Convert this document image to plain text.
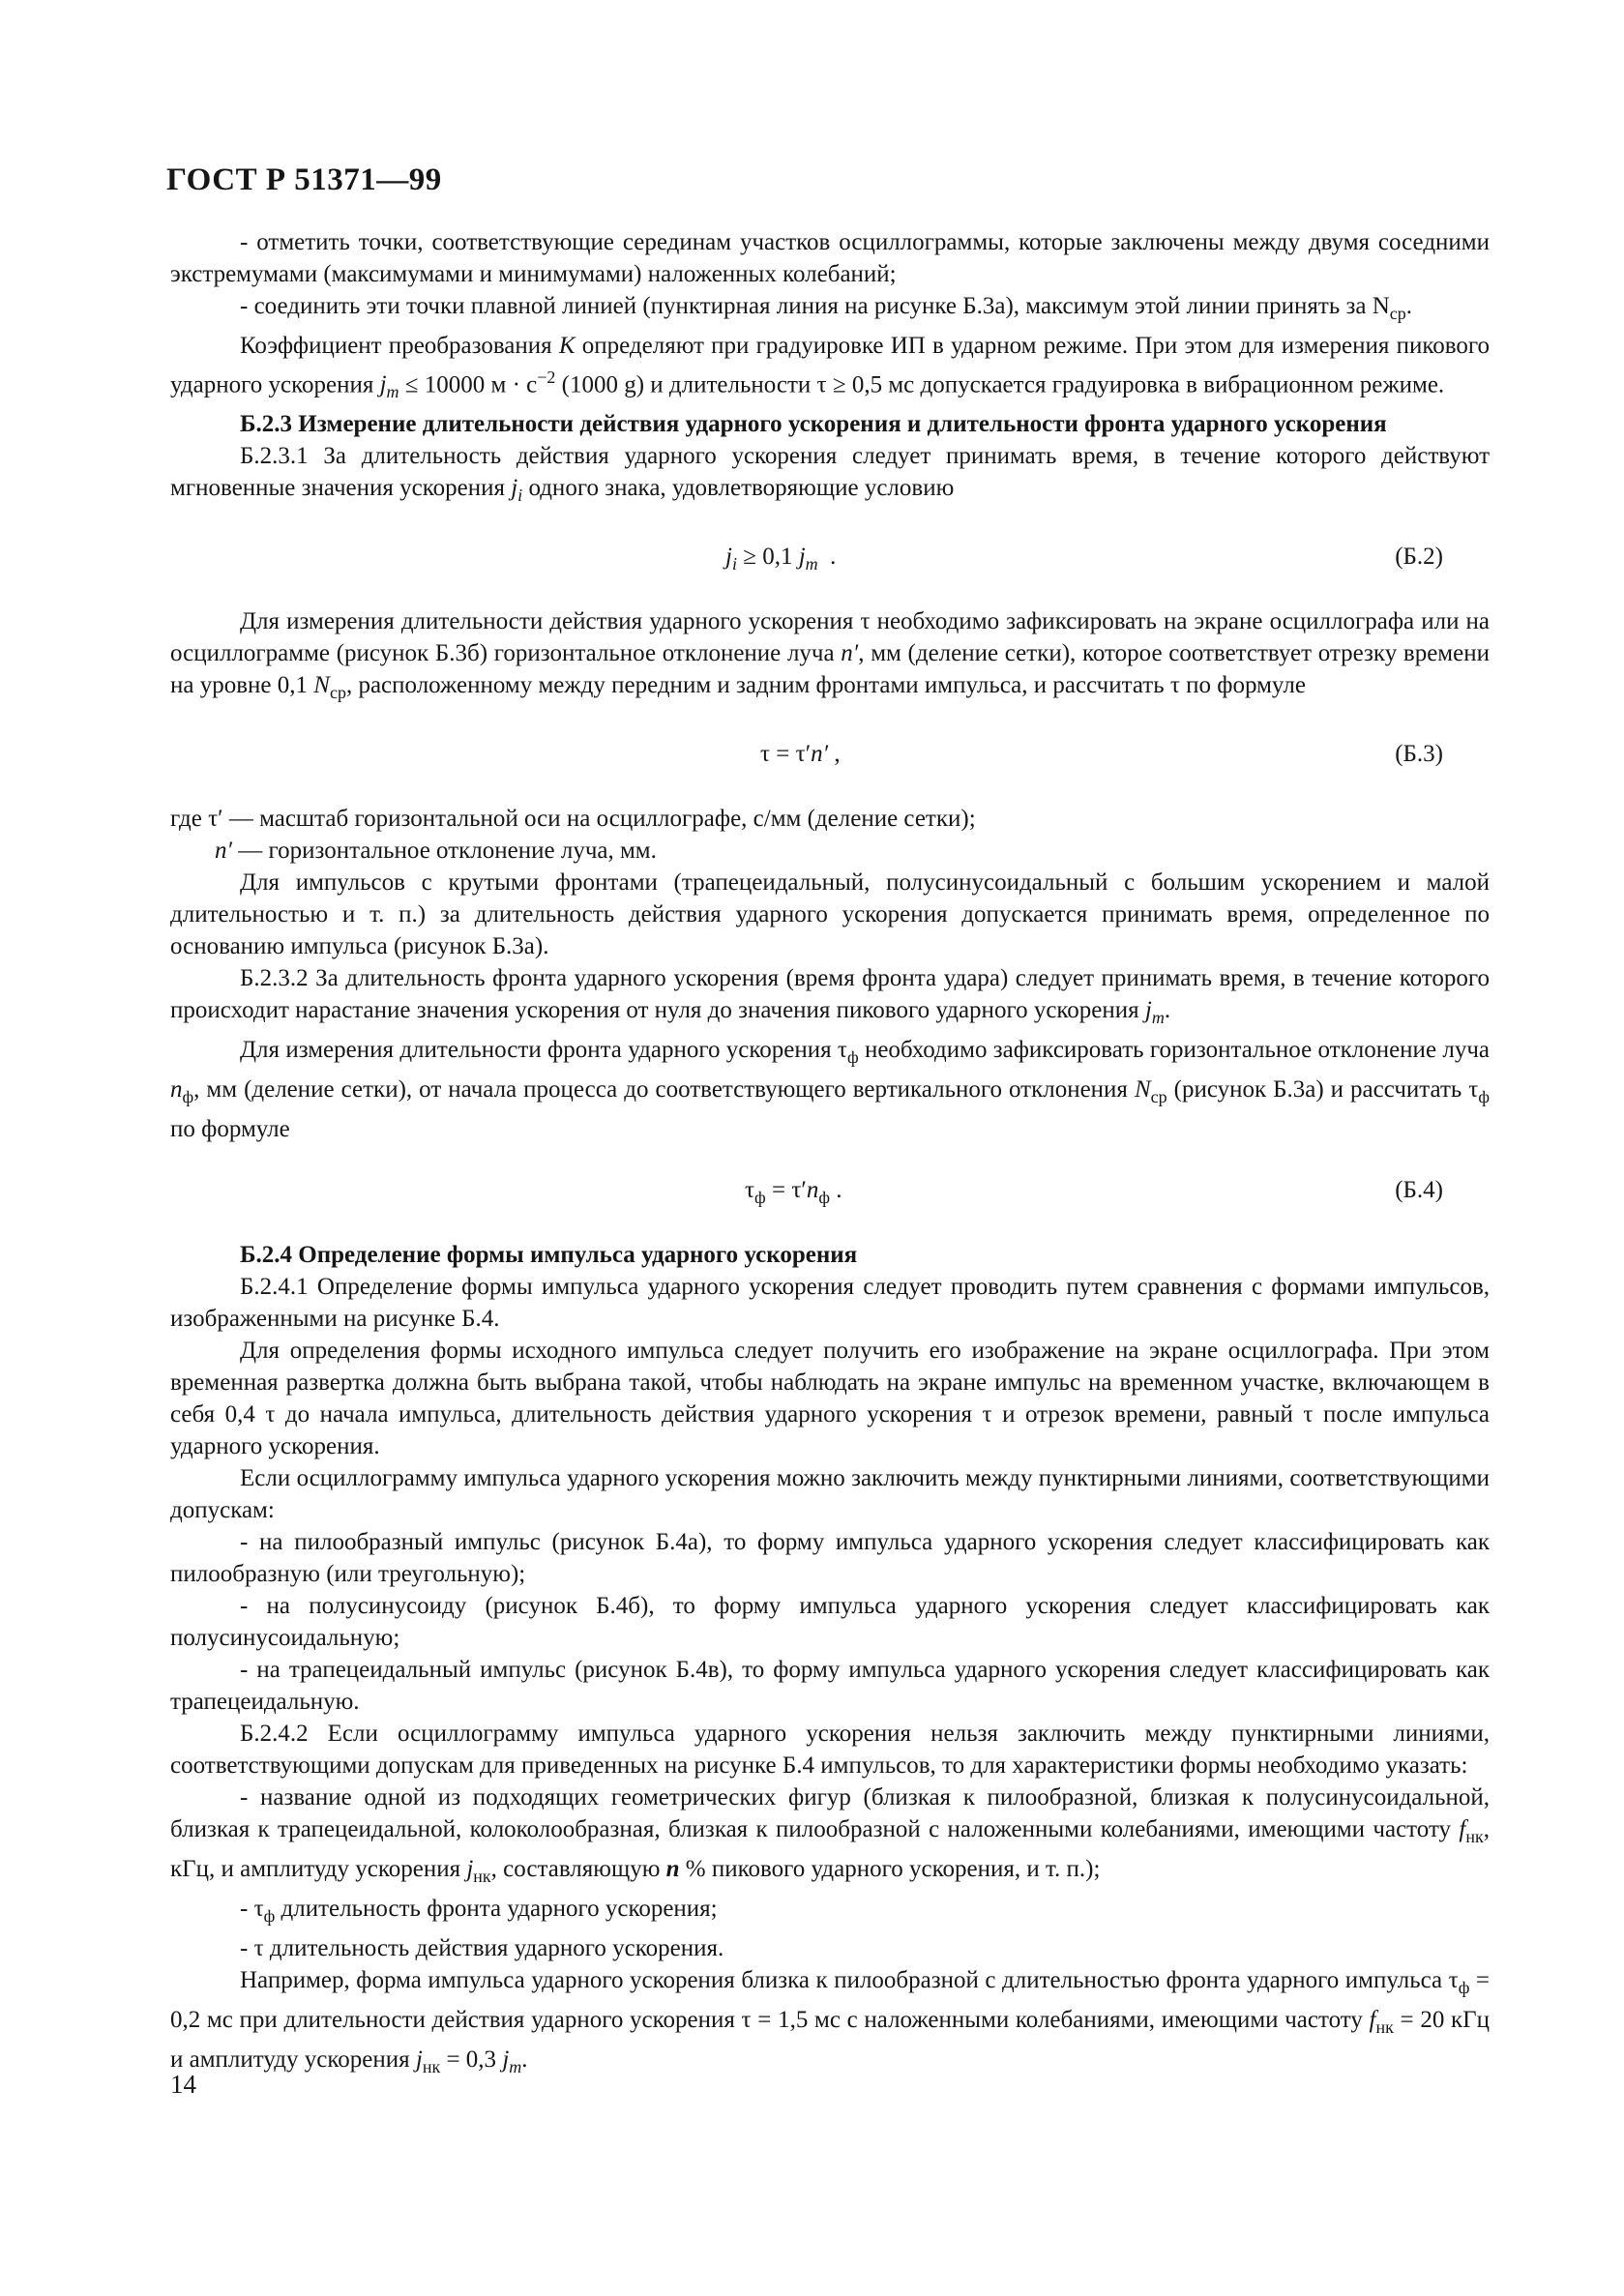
ГОСТ Р 51371—99

- отметить точки, соответствующие серединам участков осциллограммы, которые заключены между двумя соседними экстремумами (максимумами и минимумами) наложенных колебаний;

- соединить эти точки плавной линией (пунктирная линия на рисунке Б.3а), максимум этой линии принять за $N_{ср}$.

Коэффициент преобразования K определяют при градуировке ИП в ударном режиме. При этом для измерения пикового ударного ускорения $j_m \le 10000$ $м \cdot с^{-2}$ (1000 g) и длительности τ ≥ 0,5 мс допускается градуировка в вибрационном режиме.

Б.2.3 Измерение длительности действия ударного ускорения и длительности фронта ударного ускорения

Б.2.3.1 За длительность действия ударного ускорения следует принимать время, в течение которого действуют мгновенные значения ускорения $j_i$ одного знака, удовлетворяющие условию

$j_i \ge 0,1$ $j_m$  .	(Б.2)

Для измерения длительности действия ударного ускорения τ необходимо зафиксировать на экране осциллографа или на осциллограмме (рисунок Б.3б) горизонтальное отклонение луча n′, мм (деление сетки), которое соответствует отрезку времени на уровне 0,1 $N_{ср}$, расположенному между передним и задним фронтами импульса, и рассчитать τ по формуле

τ = τ′n′ ,	(Б.3)

где τ′ — масштаб горизонтальной оси на осциллографе, с/мм (деление сетки);

n′ — горизонтальное отклонение луча, мм.

Для импульсов с крутыми фронтами (трапецеидальный, полусинусоидальный с большим ускорением и малой длительностью и т. п.) за длительность действия ударного ускорения допускается принимать время, определенное по основанию импульса (рисунок Б.3а).

Б.2.3.2 За длительность фронта ударного ускорения (время фронта удара) следует принимать время, в течение которого происходит нарастание значения ускорения от нуля до значения пикового ударного ускорения $j_m$.

Для измерения длительности фронта ударного ускорения $\tau_ф$ необходимо зафиксировать горизонтальное отклонение луча $n_ф$, мм (деление сетки), от начала процесса до соответствующего вертикального отклонения $N_{ср}$ (рисунок Б.3а) и рассчитать $\tau_ф$ по формуле

$\tau_ф = \tau'n_ф$ .	(Б.4)

Б.2.4 Определение формы импульса ударного ускорения

Б.2.4.1 Определение формы импульса ударного ускорения следует проводить путем сравнения с формами импульсов, изображенными на рисунке Б.4.

Для определения формы исходного импульса следует получить его изображение на экране осциллографа. При этом временная развертка должна быть выбрана такой, чтобы наблюдать на экране импульс на временном участке, включающем в себя 0,4 τ до начала импульса, длительность действия ударного ускорения τ и отрезок времени, равный τ после импульса ударного ускорения.

Если осциллограмму импульса ударного ускорения можно заключить между пунктирными линиями, соответствующими допускам:

- на пилообразный импульс (рисунок Б.4а), то форму импульса ударного ускорения следует классифицировать как пилообразную (или треугольную);

- на полусинусоиду (рисунок Б.4б), то форму импульса ударного ускорения следует классифицировать как полусинусоидальную;

- на трапецеидальный импульс (рисунок Б.4в), то форму импульса ударного ускорения следует классифицировать как трапецеидальную.

Б.2.4.2 Если осциллограмму импульса ударного ускорения нельзя заключить между пунктирными линиями, соответствующими допускам для приведенных на рисунке Б.4 импульсов, то для характеристики формы необходимо указать:

- название одной из подходящих геометрических фигур (близкая к пилообразной, близкая к полусинусоидальной, близкая к трапецеидальной, колоколообразная, близкая к пилообразной с наложенными колебаниями, имеющими частоту $f_{нк}$, кГц, и амплитуду ускорения $j_{нк}$, составляющую n % пикового ударного ускорения, и т. п.);

- $\tau_ф$ длительность фронта ударного ускорения;

- τ длительность действия ударного ускорения.

Например, форма импульса ударного ускорения близка к пилообразной с длительностью фронта ударного импульса $\tau_ф = 0,2$ мс при длительности действия ударного ускорения τ = 1,5 мс с наложенными колебаниями, имеющими частоту $f_{нк} = 20$ кГц и амплитуду ускорения $j_{нк} = 0,3$ $j_m$.

14
